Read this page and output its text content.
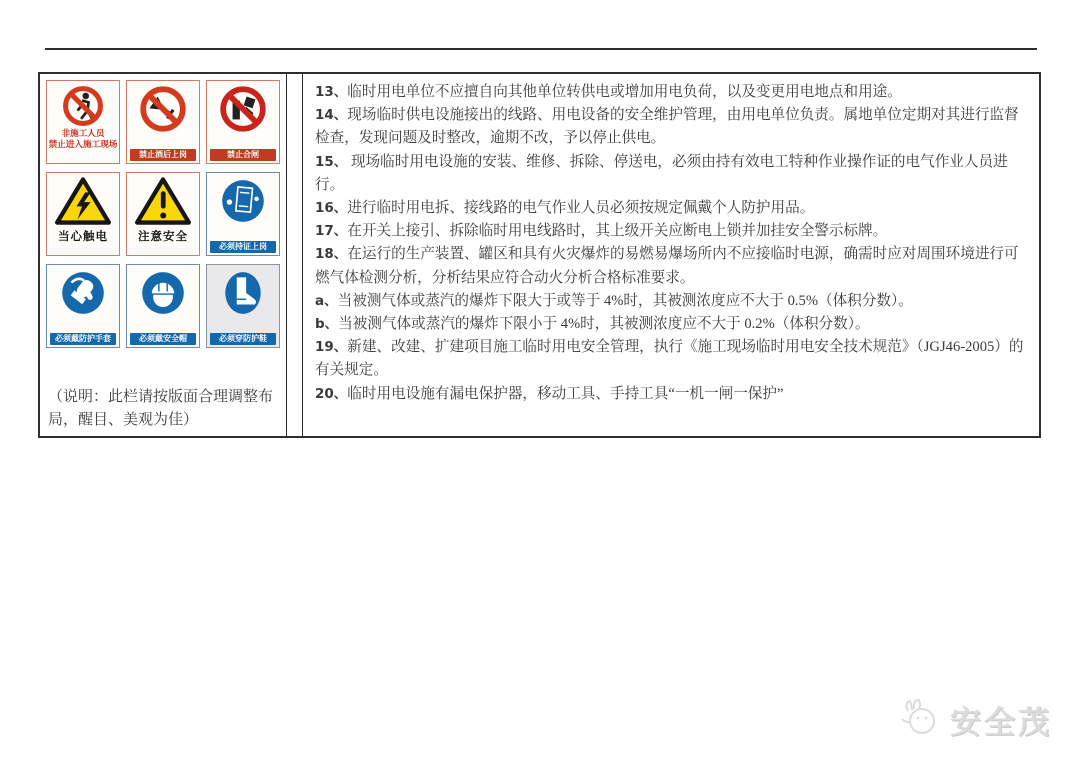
非施工人员
禁止进入施工现场
禁止酒后上岗	禁止合闸
当心触电	注意安全
必须持证上岗
必须戴防护手套	必须戴安全帽	必须穿防护鞋
（说明：此栏请按版面合理调整布局，醒目、美观为佳）

13、临时用电单位不应擅自向其他单位转供电或增加用电负荷，以及变更用电地点和用途。

14、现场临时供电设施接出的线路、用电设备的安全维护管理，由用电单位负责。属地单位定期对其进行监督检查，发现问题及时整改，逾期不改，予以停止供电。

15、 现场临时用电设施的安装、维修、拆除、停送电，必须由持有效电工特种作业操作证的电气作业人员进行。

16、进行临时用电拆、接线路的电气作业人员必须按规定佩戴个人防护用品。

17、在开关上接引、拆除临时用电线路时，其上级开关应断电上锁并加挂安全警示标牌。

18、在运行的生产装置、罐区和具有火灾爆炸的易燃易爆场所内不应接临时电源，确需时应对周围环境进行可燃气体检测分析，分析结果应符合动火分析合格标准要求。

a、当被测气体或蒸汽的爆炸下限大于或等于 4%时，其被测浓度应不大于 0.5%（体积分数）。

b、当被测气体或蒸汽的爆炸下限小于 4%时，其被测浓度应不大于 0.2%（体积分数）。

19、新建、改建、扩建项目施工临时用电安全管理，执行《施工现场临时用电安全技术规范》（JGJ46-2005）的有关规定。

20、临时用电设施有漏电保护器，移动工具、手持工具“一机一闸一保护”

安全茂
